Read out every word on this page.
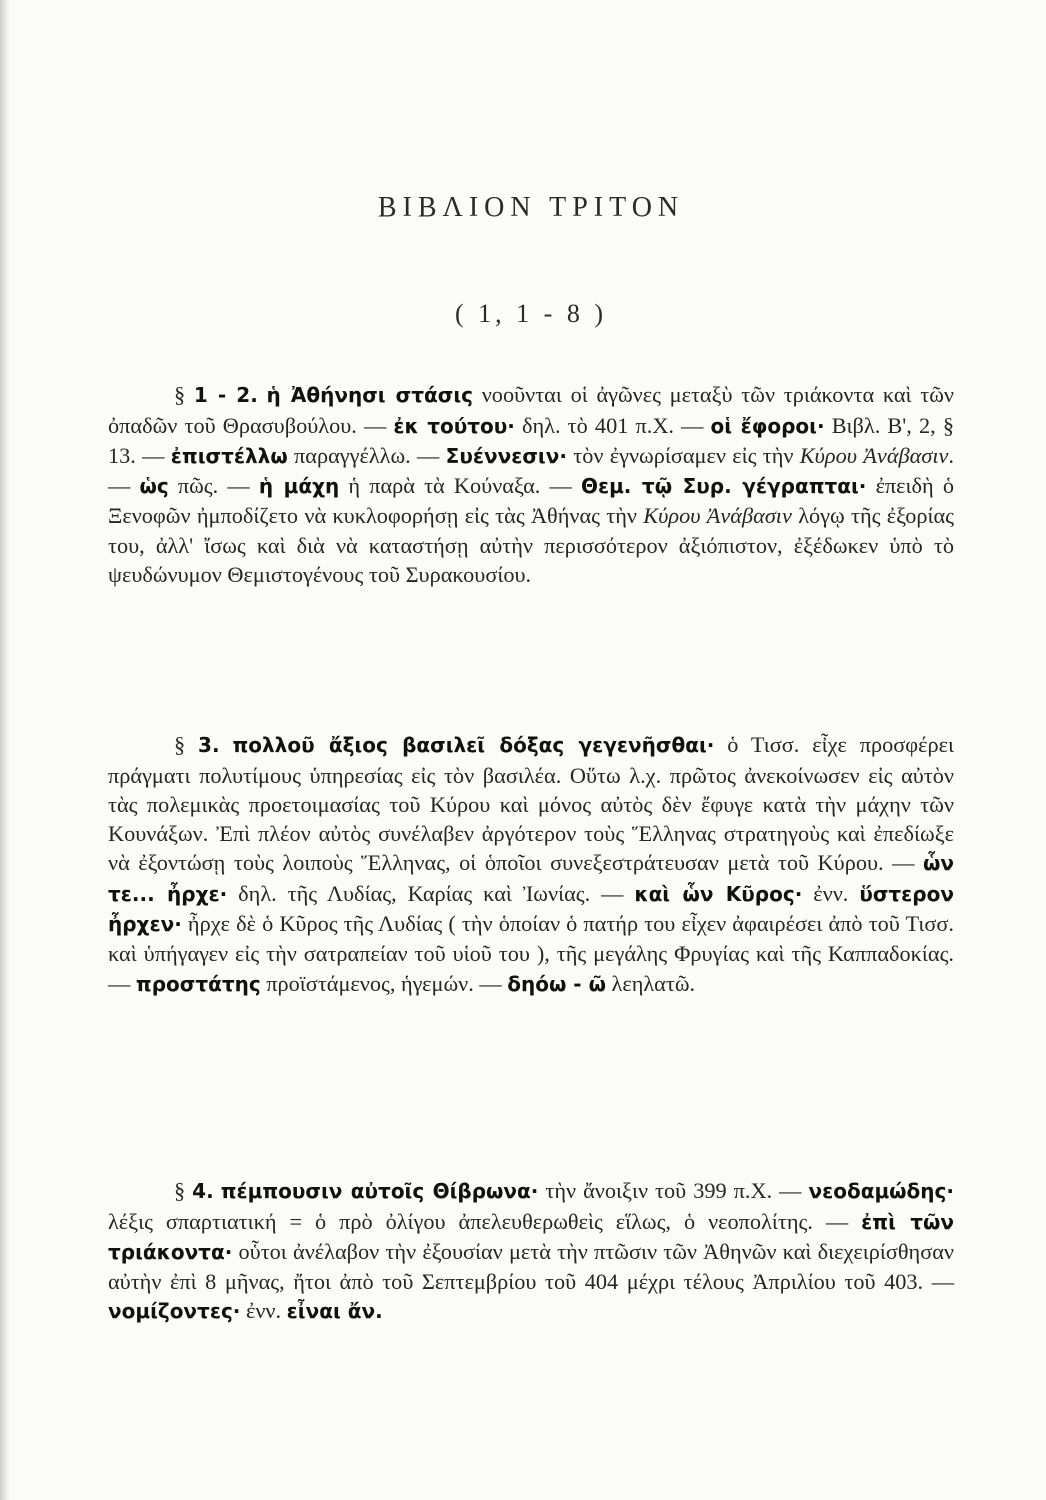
ΒΙΒΛΙΟΝ ΤΡΙΤΟΝ
( 1, 1 - 8 )

§ 1 - 2. ἡ Ἀθήνησι στάσις νοοῦνται οἱ ἀγῶνες μεταξὺ τῶν τριάκοντα καὶ τῶν ὀπαδῶν τοῦ Θρασυβούλου. — ἐκ τούτου· δηλ. τὸ 401 π.Χ. — οἱ ἔφοροι· Βιβλ. Β', 2, § 13. — ἐπιστέλλω παραγγέλλω. — Συέννεσιν· τὸν ἐγνωρίσαμεν εἰς τὴν Κύρου Ἀνάβασιν. — ὡς πῶς. — ἡ μάχη ἡ παρὰ τὰ Κούναξα. — Θεμ. τῷ Συρ. γέγραπται· ἐπειδὴ ὁ Ξενοφῶν ἠμποδίζετο νὰ κυκλοφορήσῃ εἰς τὰς Ἀθήνας τὴν Κύρου Ἀνάβασιν λόγῳ τῆς ἐξορίας του, ἀλλ' ἴσως καὶ διὰ νὰ καταστήσῃ αὐτὴν περισσότερον ἀξιόπιστον, ἐξέδωκεν ὑπὸ τὸ ψευδώνυμον Θεμιστογένους τοῦ Συρακουσίου.

§ 3. πολλοῦ ἄξιος βασιλεῖ δόξας γεγενῆσθαι· ὁ Τισσ. εἶχε προσφέρει πράγματι πολυτίμους ὑπηρεσίας εἰς τὸν βασιλέα. Οὕτω λ.χ. πρῶτος ἀνεκοίνωσεν εἰς αὐτὸν τὰς πολεμικὰς προετοιμασίας τοῦ Κύρου καὶ μόνος αὐτὸς δὲν ἔφυγε κατὰ τὴν μάχην τῶν Κουνάξων. Ἐπὶ πλέον αὐτὸς συνέλαβεν ἀργότερον τοὺς Ἕλληνας στρατηγοὺς καὶ ἐπεδίωξε νὰ ἐξοντώσῃ τοὺς λοιποὺς Ἕλληνας, οἱ ὁποῖοι συνεξεστράτευσαν μετὰ τοῦ Κύρου. — ὧν τε... ἦρχε· δηλ. τῆς Λυδίας, Καρίας καὶ Ἰωνίας. — καὶ ὧν Κῦρος· ἐνν. ὕστερον ἦρχεν· ἦρχε δὲ ὁ Κῦρος τῆς Λυδίας ( τὴν ὁποίαν ὁ πατήρ του εἶχεν ἀφαιρέσει ἀπὸ τοῦ Τισσ. καὶ ὑπήγαγεν εἰς τὴν σατραπείαν τοῦ υἱοῦ του ), τῆς μεγάλης Φρυγίας καὶ τῆς Καππαδοκίας. — προστάτης προϊστάμενος, ἡγεμών. — δηόω - ῶ λεηλατῶ.

§ 4. πέμπουσιν αὐτοῖς Θίβρωνα· τὴν ἄνοιξιν τοῦ 399 π.Χ. — νεοδαμώδης· λέξις σπαρτιατική = ὁ πρὸ ὀλίγου ἀπελευθερωθεὶς εἵλως, ὁ νεοπολίτης. — ἐπὶ τῶν τριάκοντα· οὗτοι ἀνέλαβον τὴν ἐξουσίαν μετὰ τὴν πτῶσιν τῶν Ἀθηνῶν καὶ διεχειρίσθησαν αὐτὴν ἐπὶ 8 μῆνας, ἤτοι ἀπὸ τοῦ Σεπτεμβρίου τοῦ 404 μέχρι τέλους Ἀπριλίου τοῦ 403. — νομίζοντες· ἐνν. εἶναι ἄν.
